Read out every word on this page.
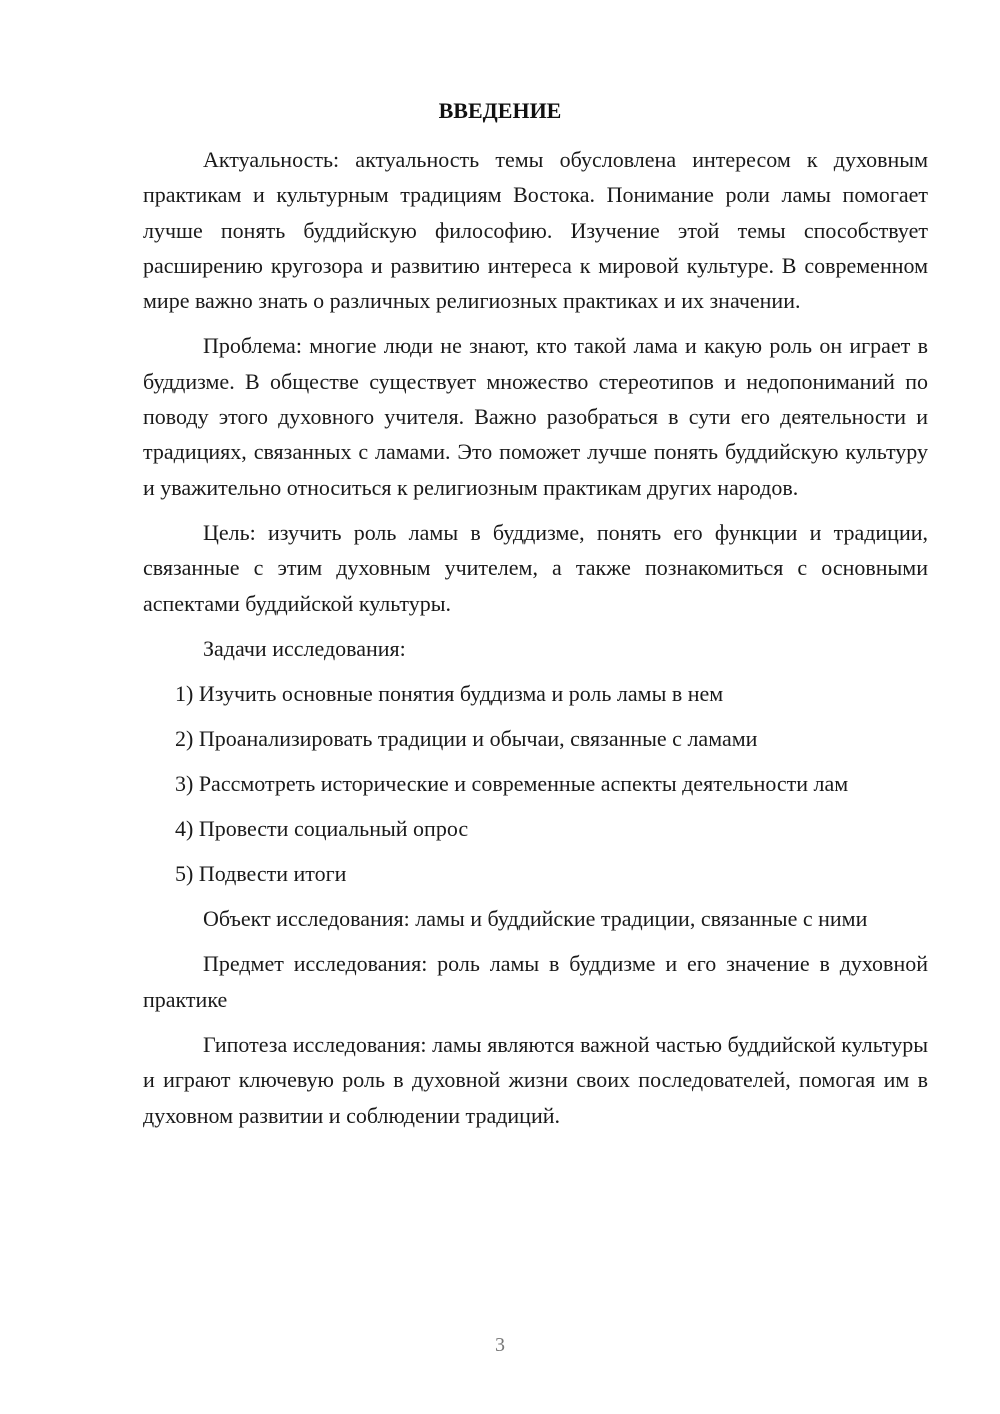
ВВЕДЕНИЕ

Актуальность: актуальность темы обусловлена интересом к духовным практикам и культурным традициям Востока. Понимание роли ламы помогает лучше понять буддийскую философию. Изучение этой темы способствует расширению кругозора и развитию интереса к мировой культуре. В современном мире важно знать о различных религиозных практиках и их значении.

Проблема: многие люди не знают, кто такой лама и какую роль он играет в буддизме. В обществе существует множество стереотипов и недопониманий по поводу этого духовного учителя. Важно разобраться в сути его деятельности и традициях, связанных с ламами. Это поможет лучше понять буддийскую культуру и уважительно относиться к религиозным практикам других народов.

Цель: изучить роль ламы в буддизме, понять его функции и традиции, связанные с этим духовным учителем, а также познакомиться с основными аспектами буддийской культуры.

Задачи исследования:

1) Изучить основные понятия буддизма и роль ламы в нем

2) Проанализировать традиции и обычаи, связанные с ламами

3) Рассмотреть исторические и современные аспекты деятельности лам

4) Провести социальный опрос

5) Подвести итоги

Объект исследования: ламы и буддийские традиции, связанные с ними

Предмет исследования: роль ламы в буддизме и его значение в духовной практике

Гипотеза исследования: ламы являются важной частью буддийской культуры и играют ключевую роль в духовной жизни своих последователей, помогая им в духовном развитии и соблюдении традиций.

3
